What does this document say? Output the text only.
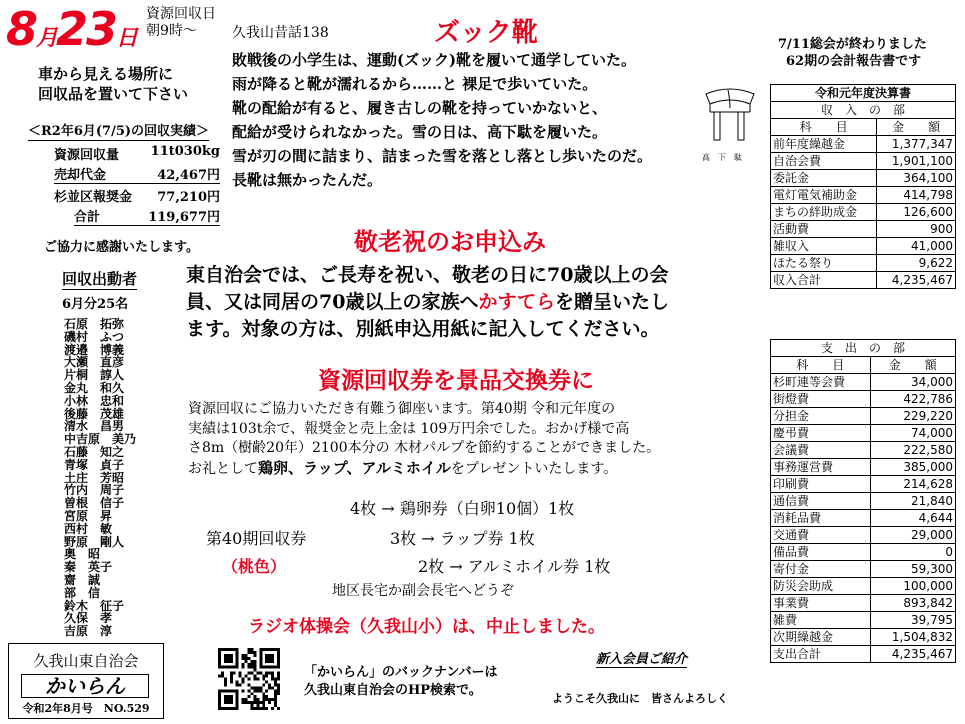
8月23日
資源回収日
朝9時～
車から見える場所に
回収品を置いて下さい
＜R2年6月(7/5)の回収実績＞
資源回収量 11t030kg
売却代金	42,467円
杉並区報奨金 77,210円
合計	119,677円
ご協力に感謝いたします。
回収出動者
6月分25名
石原　拓弥
磯村　ふつ
渡邉　博義
大瀬　直彦
片桐　諄人
金丸　和久
小林　忠和
後藤　茂雄
清水　昌男
中吉原　美乃
石藤　知之
青塚　貞子
土庄　芳昭
竹内　周子
曽根　信子
宮原　昇
西村　敏
野原　剛人
奥　昭
秦　英子
齋　誠
部　信
鈴木　征子
久保　孝
吉原　淳
久我山東自治会
かいらん
令和2年8月号　NO.529
久我山昔話138	ズック靴
敗戦後の小学生は、運動(ズック)靴を履いて通学していた。
雨が降ると靴が濡れるから……と 裸足で歩いていた。
靴の配給が有ると、履き古しの靴を持っていかないと、
配給が受けられなかった。雪の日は、高下駄を履いた。
雪が刃の間に詰まり、詰まった雪を落とし落とし歩いたのだ。
長靴は無かったんだ。
高　下　駄
敬老祝のお申込み
東自治会では、ご長寿を祝い、敬老の日に70歳以上の会
員、又は同居の70歳以上の家族へかすてらを贈呈いたし
ます。対象の方は、別紙申込用紙に記入してください。
資源回収券を景品交換券に
資源回収にご協力いただき有難う御座います。第40期 令和元年度の
実績は103t余で、報奨金と売上金は 109万円余でした。おかげ様で高
さ8m（樹齢20年）2100本分の 木材パルプを節約することができました。
お礼として鶏卵、ラップ、アルミホイルをプレゼントいたします。
4枚 → 鶏卵券（白卵10個）1枚
第40期回収券	3枚 → ラップ券 1枚
（桃色）	2枚 → アルミホイル券 1枚
地区長宅か副会長宅へどうぞ
ラジオ体操会（久我山小）は、中止しました。
「かいらん」のバックナンバーは
久我山東自治会のHP検索で。
新入会員ご紹介
ようこそ久我山に　皆さんよろしく
7/11総会が終わりました
62期の会計報告書です
令和元年度決算書	
収　入　の　部	
科　　目	金　　額
前年度繰越金	1,377,347
自治会費	1,901,100
委託金	364,100
電灯電気補助金	414,798
まちの絆助成金	126,600
活動費	900
雑収入	41,000
ほたる祭り	9,622
収入合計	4,235,467
支　出　の　部	
科　　目	金　　額
杉町連等会費	34,000
街燈費	422,786
分担金	229,220
慶弔費	74,000
会議費	222,580
事務運営費	385,000
印刷費	214,628
通信費	21,840
消耗品費	4,644
交通費	29,000
備品費	0
寄付金	59,300
防災会助成	100,000
事業費	893,842
雑費	39,795
次期繰越金	1,504,832
支出合計	4,235,467
